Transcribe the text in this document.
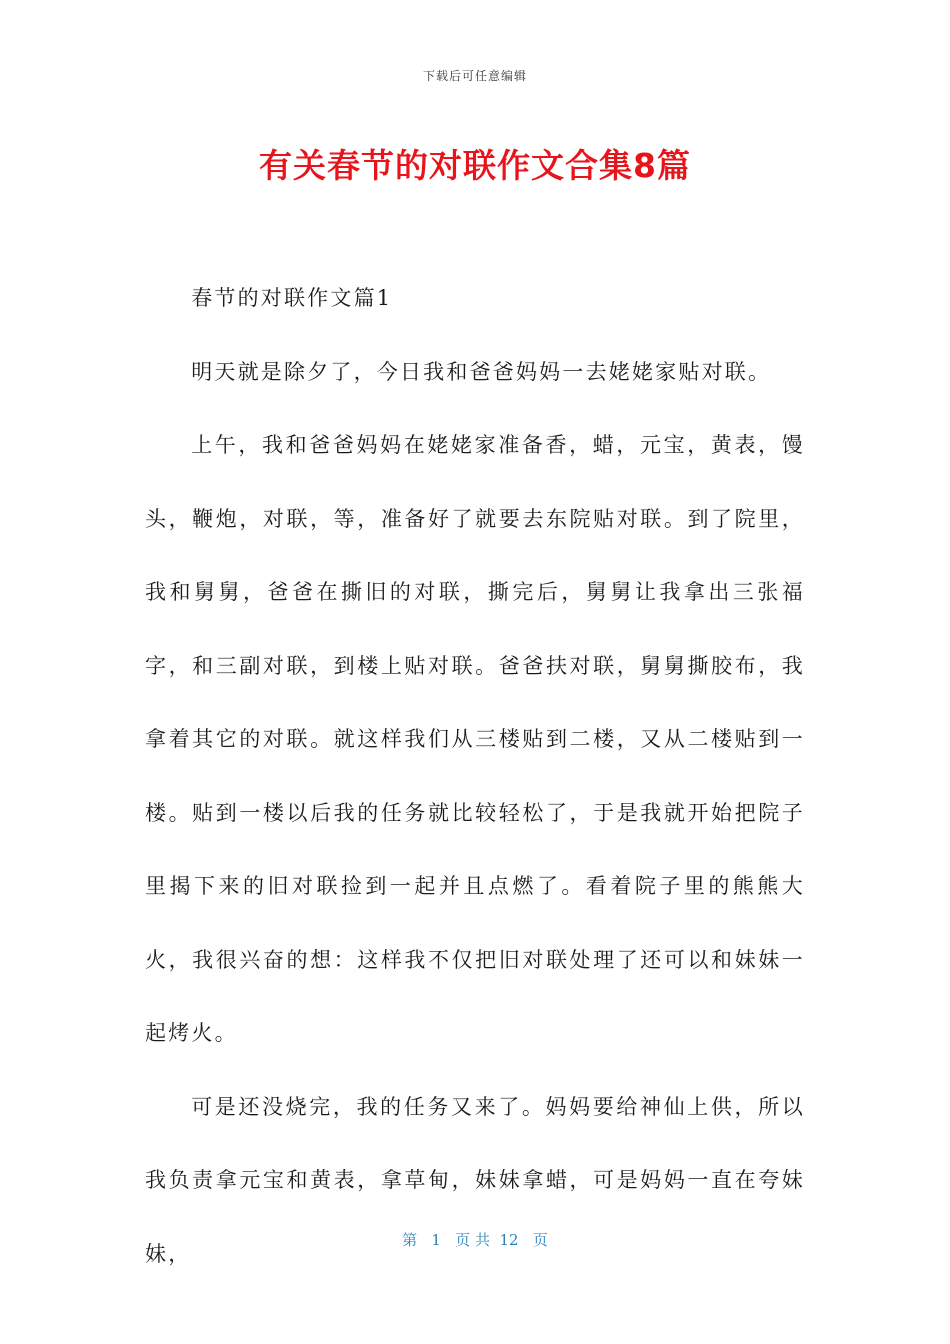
下载后可任意编辑
有关春节的对联作文合集8篇

春节的对联作文篇1

明天就是除夕了，今日我和爸爸妈妈一去姥姥家贴对联。

上午，我和爸爸妈妈在姥姥家准备香，蜡，元宝，黄表，馒头，鞭炮，对联，等，准备好了就要去东院贴对联。到了院里，我和舅舅，爸爸在撕旧的对联，撕完后，舅舅让我拿出三张福字，和三副对联，到楼上贴对联。爸爸扶对联，舅舅撕胶布，我拿着其它的对联。就这样我们从三楼贴到二楼，又从二楼贴到一楼。贴到一楼以后我的任务就比较轻松了，于是我就开始把院子里揭下来的旧对联捡到一起并且点燃了。看着院子里的熊熊大火，我很兴奋的想：这样我不仅把旧对联处理了还可以和妹妹一起烤火。

可是还没烧完，我的任务又来了。妈妈要给神仙上供，所以我负责拿元宝和黄表，拿草甸，妹妹拿蜡，可是妈妈一直在夸妹妹，

第   1   页 共  12   页
